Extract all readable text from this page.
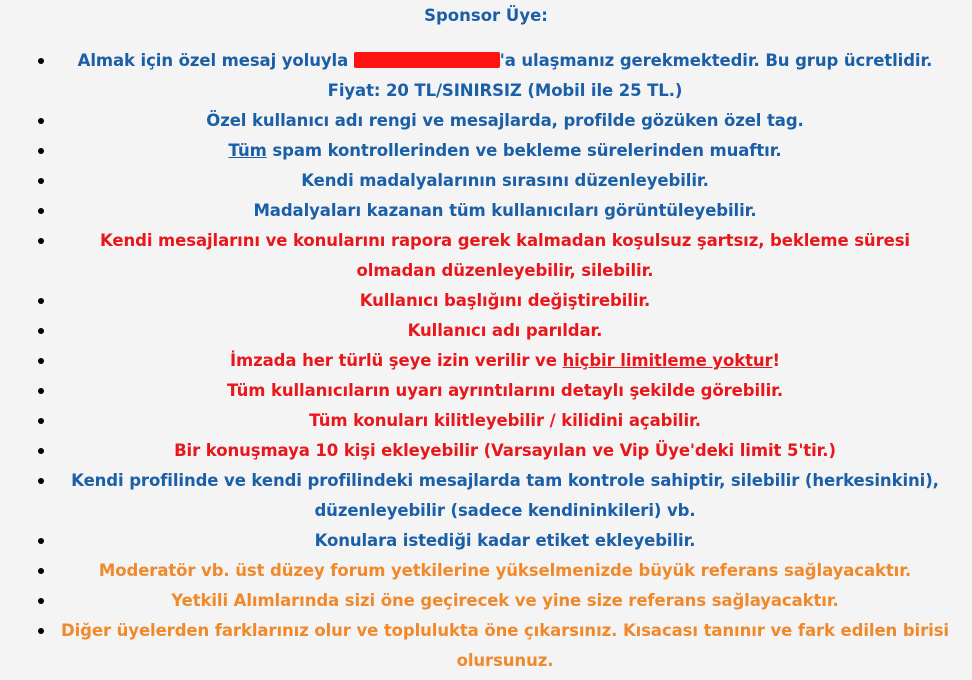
Sponsor Üye:
Almak için özel mesaj yoluyla	'a ulaşmanız gerekmektedir. Bu grup ücretlidir. Fiyat: 20 TL/SINIRSIZ (Mobil ile 25 TL.)
Özel kullanıcı adı rengi ve mesajlarda, profilde gözüken özel tag.
Tüm spam kontrollerinden ve bekleme sürelerinden muaftır.
Kendi madalyalarının sırasını düzenleyebilir.
Madalyaları kazanan tüm kullanıcıları görüntüleyebilir.
Kendi mesajlarını ve konularını rapora gerek kalmadan koşulsuz şartsız, bekleme süresi olmadan düzenleyebilir, silebilir.
Kullanıcı başlığını değiştirebilir.
Kullanıcı adı parıldar.
İmzada her türlü şeye izin verilir ve hiçbir limitleme yoktur!
Tüm kullanıcıların uyarı ayrıntılarını detaylı şekilde görebilir.
Tüm konuları kilitleyebilir / kilidini açabilir.
Bir konuşmaya 10 kişi ekleyebilir (Varsayılan ve Vip Üye'deki limit 5'tir.)
Kendi profilinde ve kendi profilindeki mesajlarda tam kontrole sahiptir, silebilir (herkesinkini), düzenleyebilir (sadece kendininkileri) vb.
Konulara istediği kadar etiket ekleyebilir.
Moderatör vb. üst düzey forum yetkilerine yükselmenizde büyük referans sağlayacaktır.
Yetkili Alımlarında sizi öne geçirecek ve yine size referans sağlayacaktır.
Diğer üyelerden farklarınız olur ve toplulukta öne çıkarsınız. Kısacası tanınır ve fark edilen birisi olursunuz.
